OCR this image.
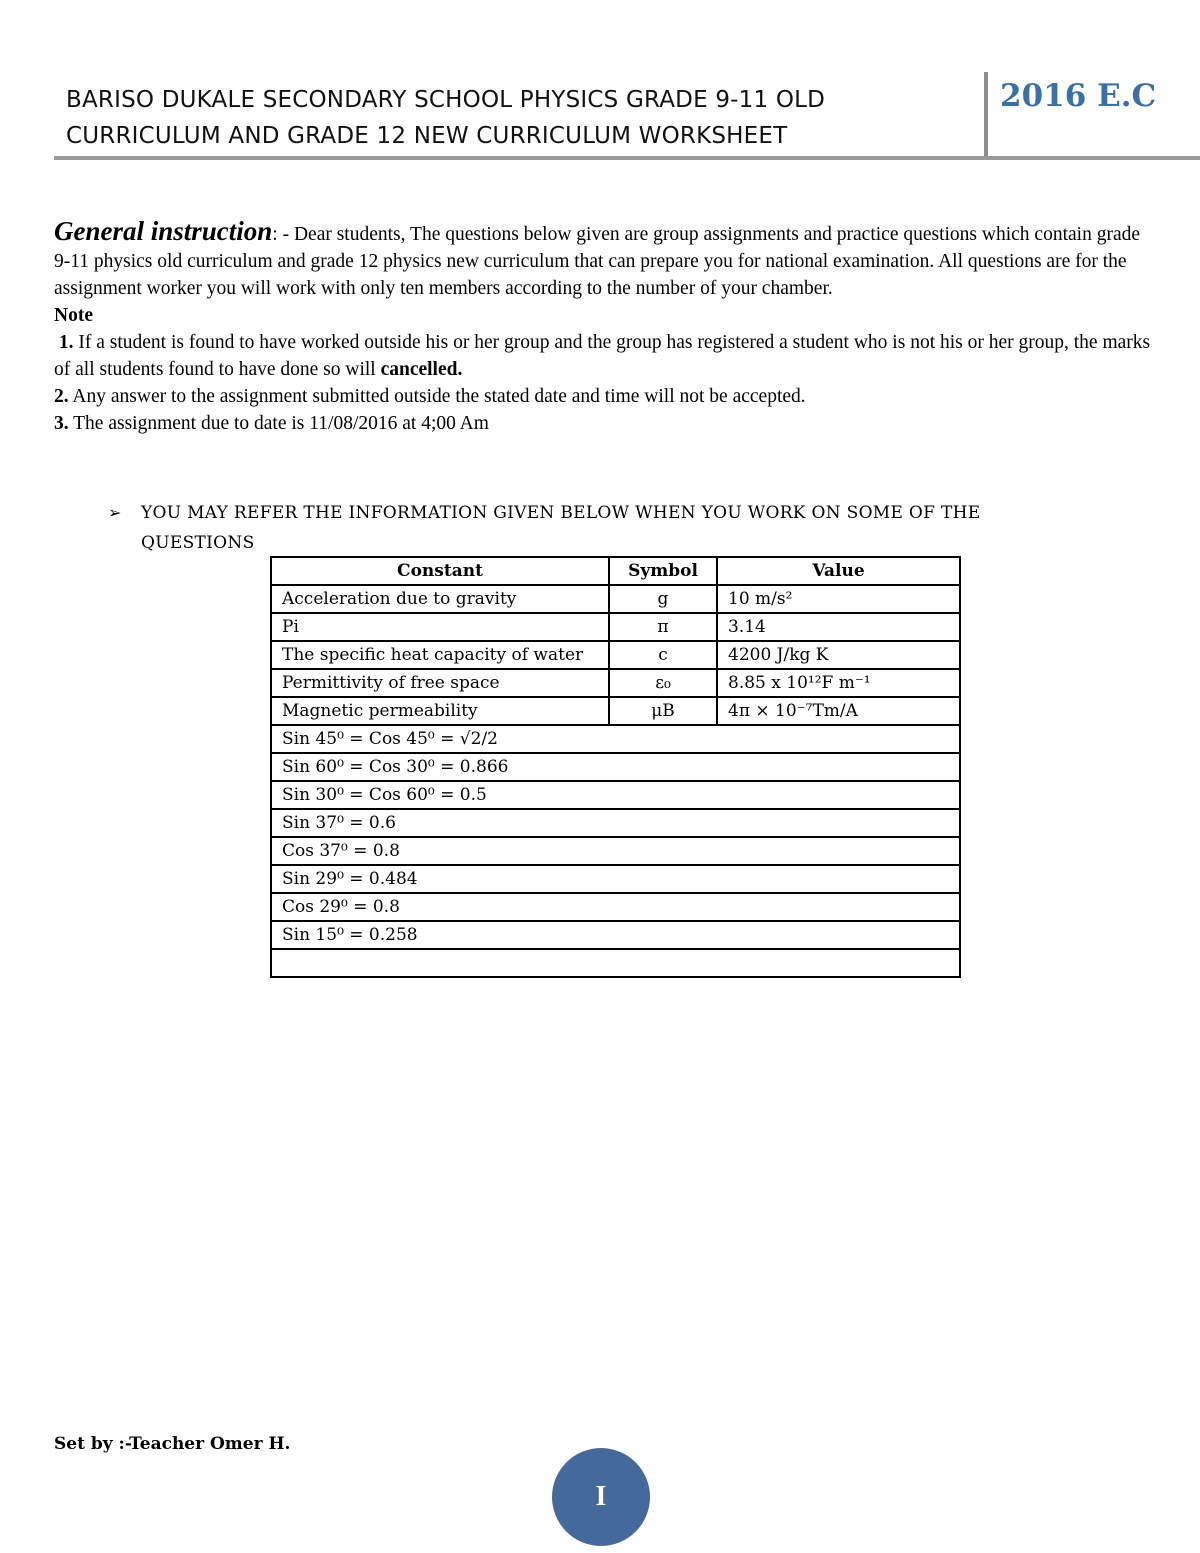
BARISO DUKALE SECONDARY SCHOOL PHYSICS GRADE 9-11 OLD
CURRICULUM AND GRADE 12 NEW CURRICULUM WORKSHEET
2016 E.C

General instruction: - Dear students, The questions below given are group assignments and practice questions which contain grade 9-11 physics old curriculum and grade 12 physics new curriculum that can prepare you for national examination. All questions are for the assignment worker you will work with only ten members according to the number of your chamber.

Note

1. If a student is found to have worked outside his or her group and the group has registered a student who is not his or her group, the marks of all students found to have done so will cancelled.

2. Any answer to the assignment submitted outside the stated date and time will not be accepted.

3. The assignment due to date is 11/08/2016 at 4;00 Am

➢ YOU MAY REFER THE INFORMATION GIVEN BELOW WHEN YOU WORK ON SOME OF THE QUESTIONS
Constant	Symbol	Value
Acceleration due to gravity	g	10 m/s²
Pi	π	3.14
The specific heat capacity of water	c	4200 J/kg K
Permittivity of free space	ε₀	8.85 x 10¹²F m⁻¹
Magnetic permeability	μB	4π × 10⁻⁷Tm/A
Sin 45⁰ = Cos 45⁰ = √2/2		
Sin 60⁰ = Cos 30⁰ = 0.866		
Sin 30⁰ = Cos 60⁰ = 0.5		
Sin 37⁰ = 0.6		
Cos 37⁰ = 0.8		
Sin 29⁰ = 0.484		
Cos 29⁰ = 0.8		
Sin 15⁰ = 0.258		

Set by :-Teacher Omer H.
I
